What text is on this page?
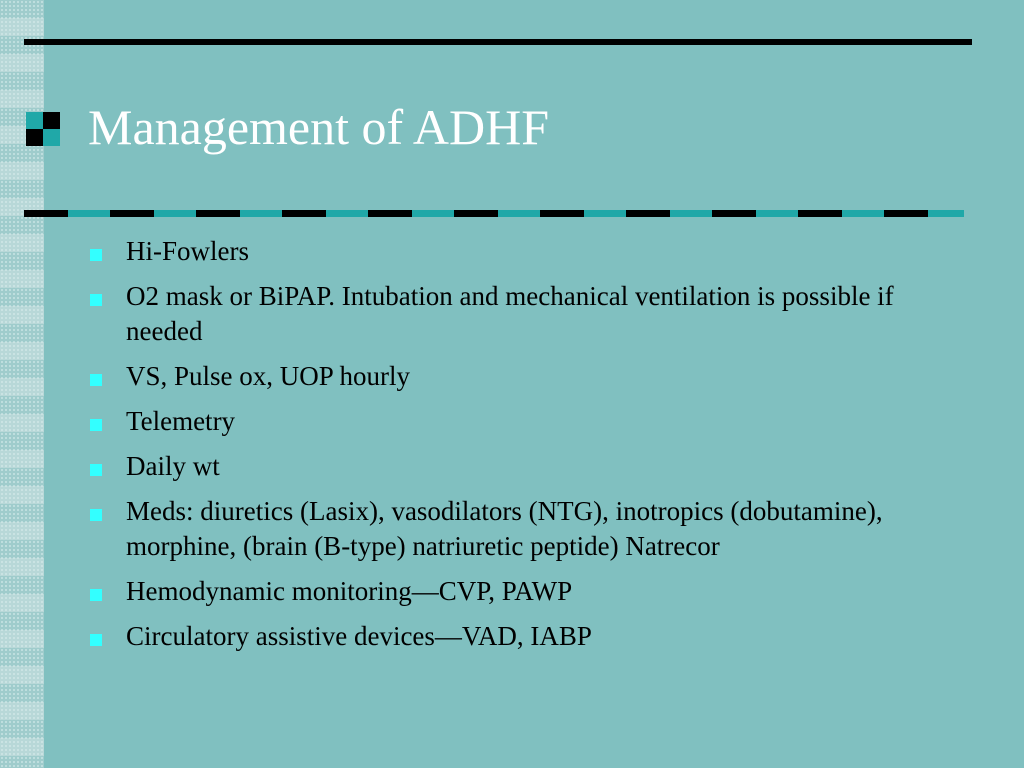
Management of ADHF
Hi-Fowlers
O2 mask or BiPAP. Intubation and mechanical ventilation is possible if needed
VS, Pulse ox, UOP hourly
Telemetry
Daily wt
Meds: diuretics (Lasix), vasodilators (NTG), inotropics (dobutamine), morphine, (brain (B-type) natriuretic peptide) Natrecor
Hemodynamic monitoring—CVP, PAWP
Circulatory assistive devices—VAD, IABP
